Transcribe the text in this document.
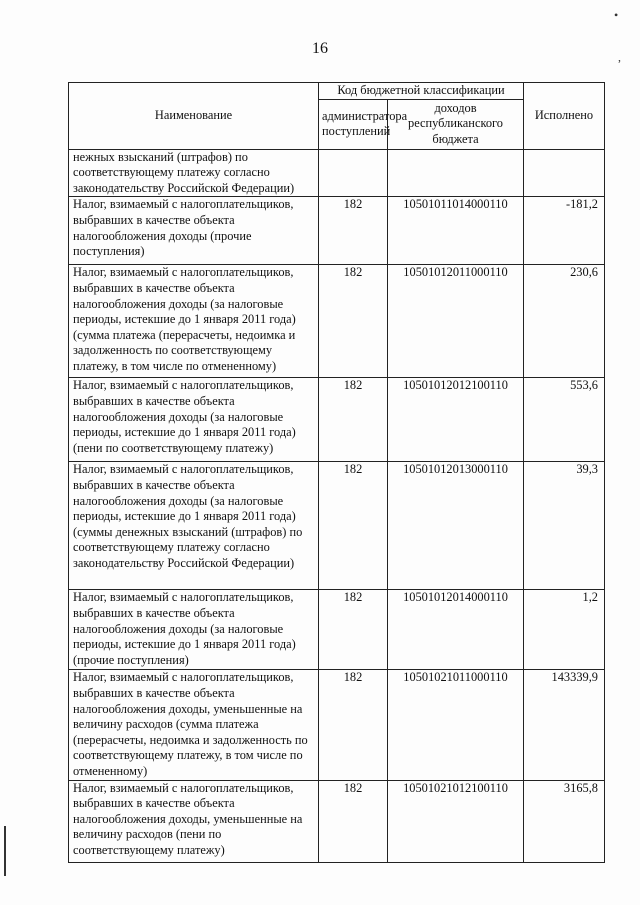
16
•
,
Наименование	Код бюджетной классификации		Исполнено
	администратора поступлений	доходов республиканского бюджета	
нежных взысканий (штрафов) по соответствующему платежу согласно законодательству Российской Федерации)			
Налог, взимаемый с налогоплательщиков, выбравших в качестве объекта налогообложения доходы (прочие поступления)	182	10501011014000110	-181,2
Налог, взимаемый с налогоплательщиков, выбравших в качестве объекта налогообложения доходы (за налоговые периоды, истекшие до 1 января 2011 года) (сумма платежа (перерасчеты, недоимка и задолженность по соответствующему платежу, в том числе по отмененному)	182	10501012011000110	230,6
Налог, взимаемый с налогоплательщиков, выбравших в качестве объекта налогообложения доходы (за налоговые периоды, истекшие до 1 января 2011 года) (пени по соответствующему платежу)	182	10501012012100110	553,6
Налог, взимаемый с налогоплательщиков, выбравших в качестве объекта налогообложения доходы (за налоговые периоды, истекшие до 1 января 2011 года) (суммы денежных взысканий (штрафов) по соответствующему платежу согласно законодательству Российской Федерации)	182	10501012013000110	39,3
Налог, взимаемый с налогоплательщиков, выбравших в качестве объекта налогообложения доходы (за налоговые периоды, истекшие до 1 января 2011 года) (прочие поступления)	182	10501012014000110	1,2
Налог, взимаемый с налогоплательщиков, выбравших в качестве объекта налогообложения доходы, уменьшенные на величину расходов (сумма платежа (перерасчеты, недоимка и задолженность по соответствующему платежу, в том числе по отмененному)	182	10501021011000110	143339,9
Налог, взимаемый с налогоплательщиков, выбравших в качестве объекта налогообложения доходы, уменьшенные на величину расходов (пени по соответствующему платежу)	182	10501021012100110	3165,8
